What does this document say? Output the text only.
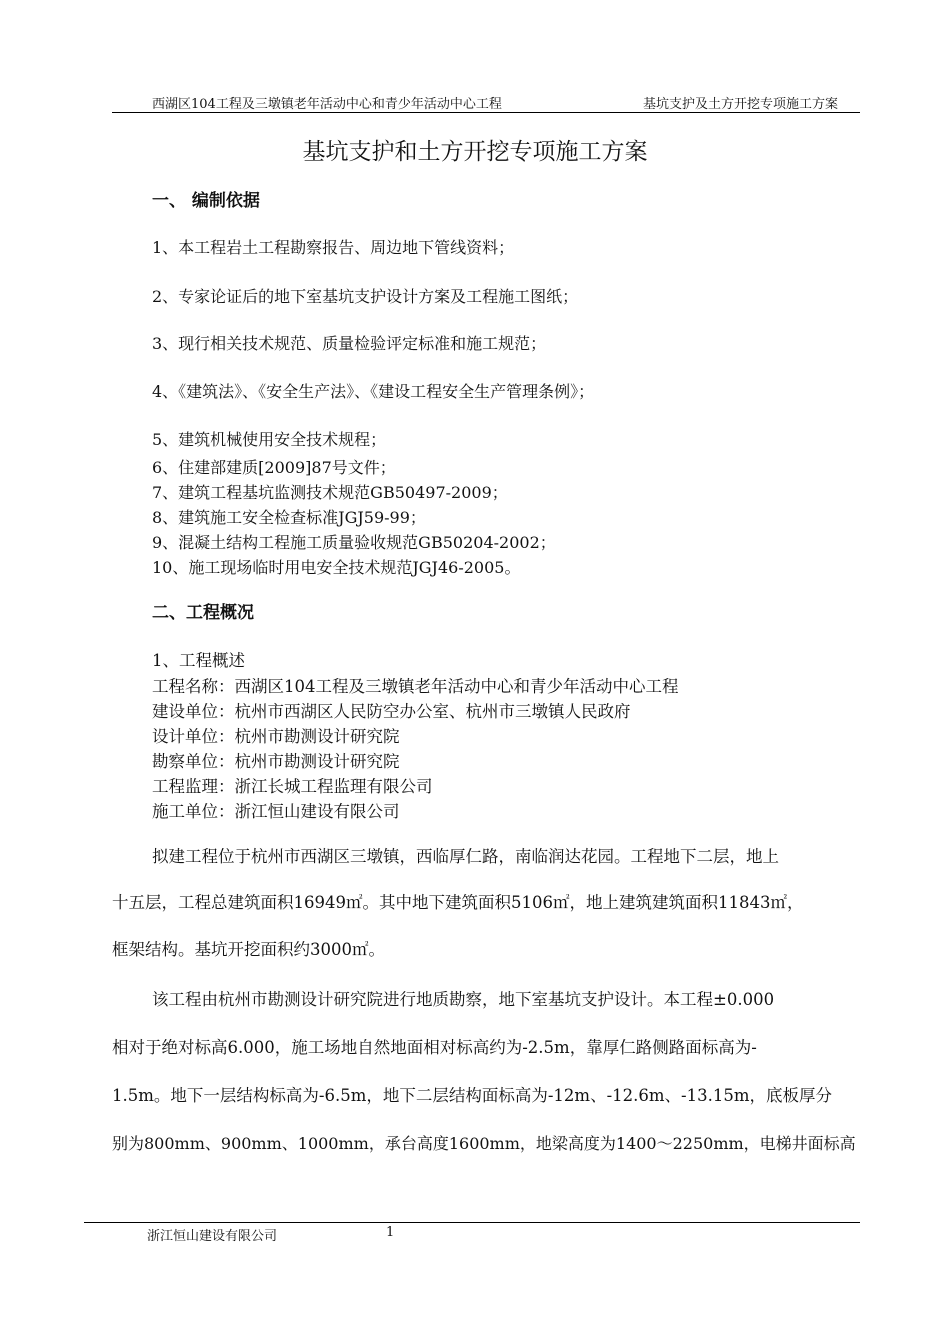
西湖区104工程及三墩镇老年活动中心和青少年活动中心工程	基坑支护及土方开挖专项施工方案
基坑支护和土方开挖专项施工方案
一、 编制依据
1、本工程岩土工程勘察报告、周边地下管线资料；
2、专家论证后的地下室基坑支护设计方案及工程施工图纸；
3、现行相关技术规范、质量检验评定标准和施工规范；
4、《建筑法》、《安全生产法》、《建设工程安全生产管理条例》；
5、建筑机械使用安全技术规程；
6、住建部建质[2009]87号文件；
7、建筑工程基坑监测技术规范GB50497-2009；
8、建筑施工安全检查标准JGJ59-99；
9、混凝土结构工程施工质量验收规范GB50204-2002；
10、施工现场临时用电安全技术规范JGJ46-2005。
二、工程概况
1、工程概述
工程名称：西湖区104工程及三墩镇老年活动中心和青少年活动中心工程
建设单位：杭州市西湖区人民防空办公室、杭州市三墩镇人民政府
设计单位：杭州市勘测设计研究院
勘察单位：杭州市勘测设计研究院
工程监理：浙江长城工程监理有限公司
施工单位：浙江恒山建设有限公司
拟建工程位于杭州市西湖区三墩镇，西临厚仁路，南临润达花园。工程地下二层，地上
十五层，工程总建筑面积16949㎡。其中地下建筑面积5106㎡，地上建筑建筑面积11843㎡，
框架结构。基坑开挖面积约3000㎡。
该工程由杭州市勘测设计研究院进行地质勘察，地下室基坑支护设计。本工程±0.000
相对于绝对标高6.000，施工场地自然地面相对标高约为-2.5m，靠厚仁路侧路面标高为-
1.5m。地下一层结构标高为-6.5m，地下二层结构面标高为-12m、-12.6m、-13.15m，底板厚分
别为800mm、900mm、1000mm，承台高度1600mm，地梁高度为1400～2250mm，电梯井面标高
浙江恒山建设有限公司	1
